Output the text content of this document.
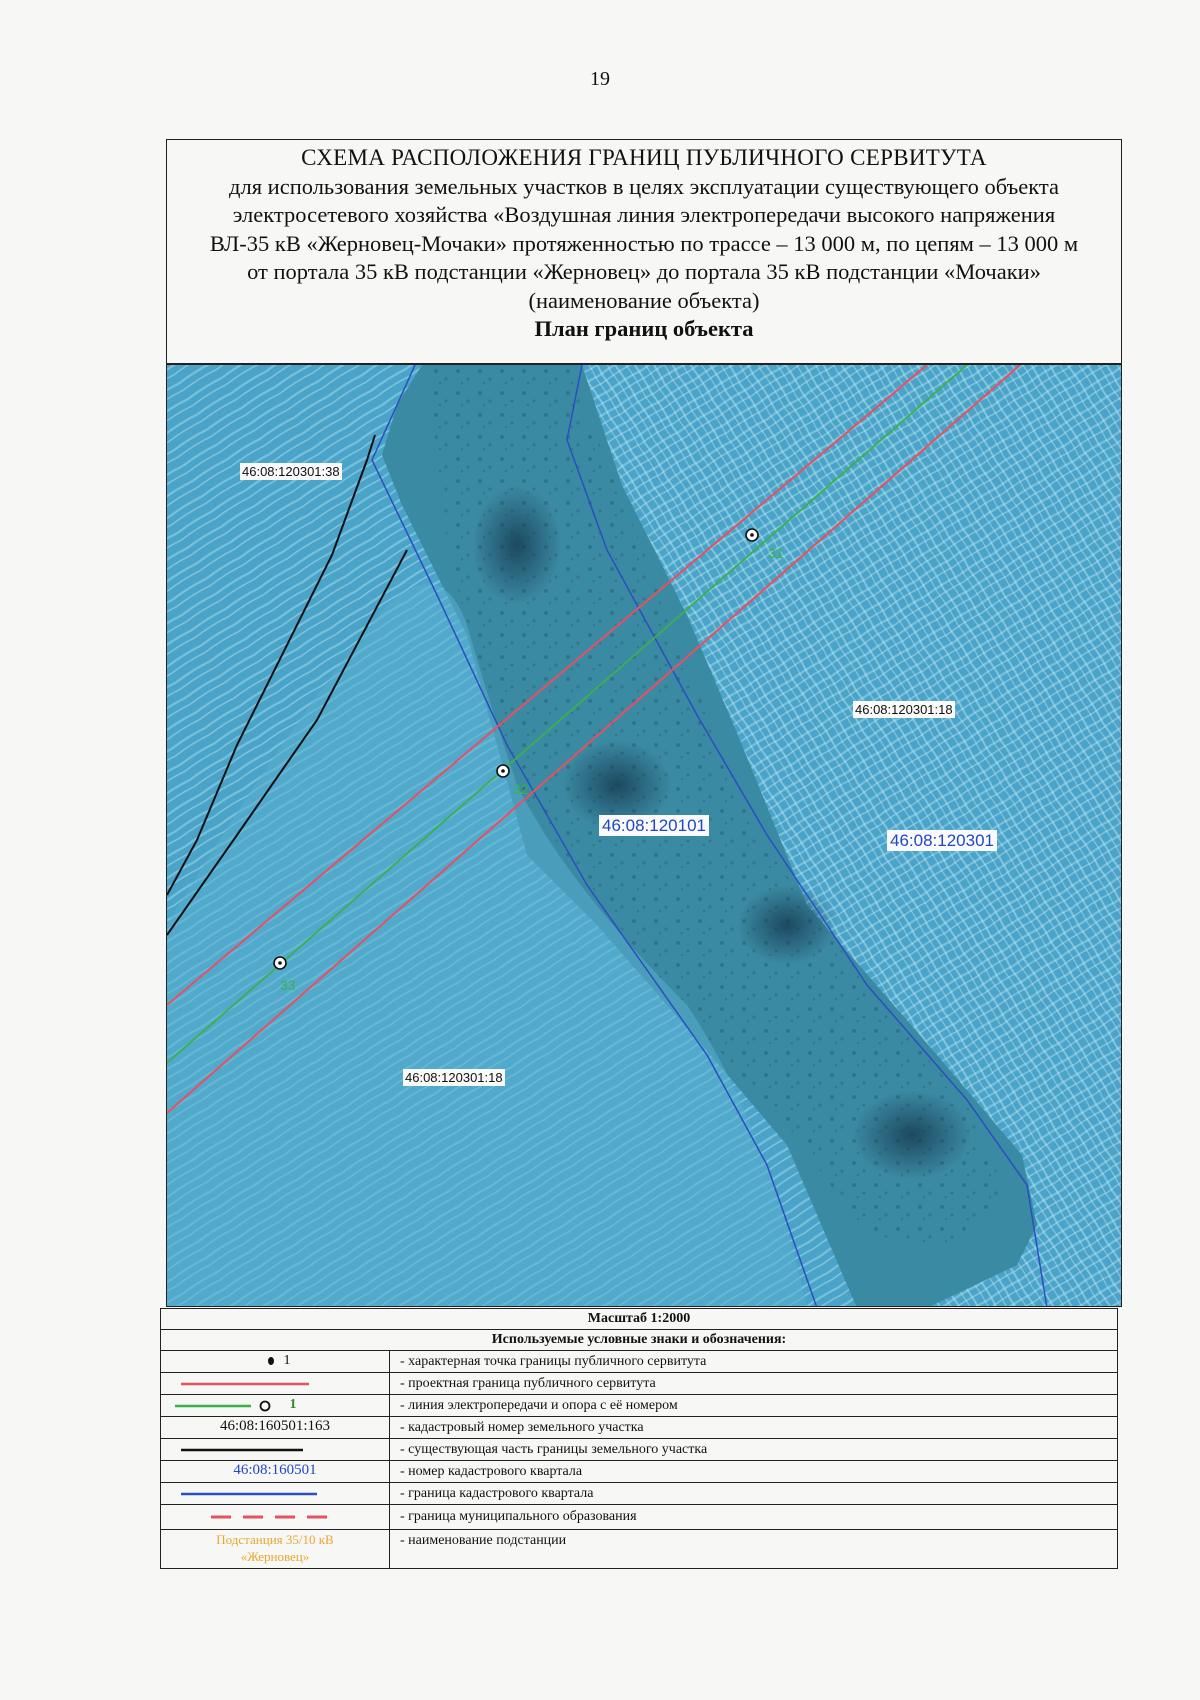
19
СХЕМА РАСПОЛОЖЕНИЯ ГРАНИЦ ПУБЛИЧНОГО СЕРВИТУТА
для использования земельных участков в целях эксплуатации существующего объекта
электросетевого хозяйства «Воздушная линия электропередачи высокого напряжения
ВЛ-35 кВ «Жерновец-Мочаки» протяженностью по трассе – 13 000 м, по цепям – 13 000 м
от портала 35 кВ подстанции «Жерновец» до портала 35 кВ подстанции «Мочаки»
(наименование объекта)
План границ объекта
31
32
33
46:08:120301:38
46:08:120301:18
46:08:120301:18
46:08:120101
46:08:120301
Масштаб 1:2000
Используемые условные знаки и обозначения:
1	- характерная точка границы публичного сервитута
- проектная граница публичного сервитута
1	- линия электропередачи и опора с её номером
46:08:160501:163	- кадастровый номер земельного участка
- существующая часть границы земельного участка
46:08:160501	- номер кадастрового квартала
- граница кадастрового квартала
- граница муниципального образования
Подстанция 35/10 кВ
«Жерновец»
- наименование подстанции
